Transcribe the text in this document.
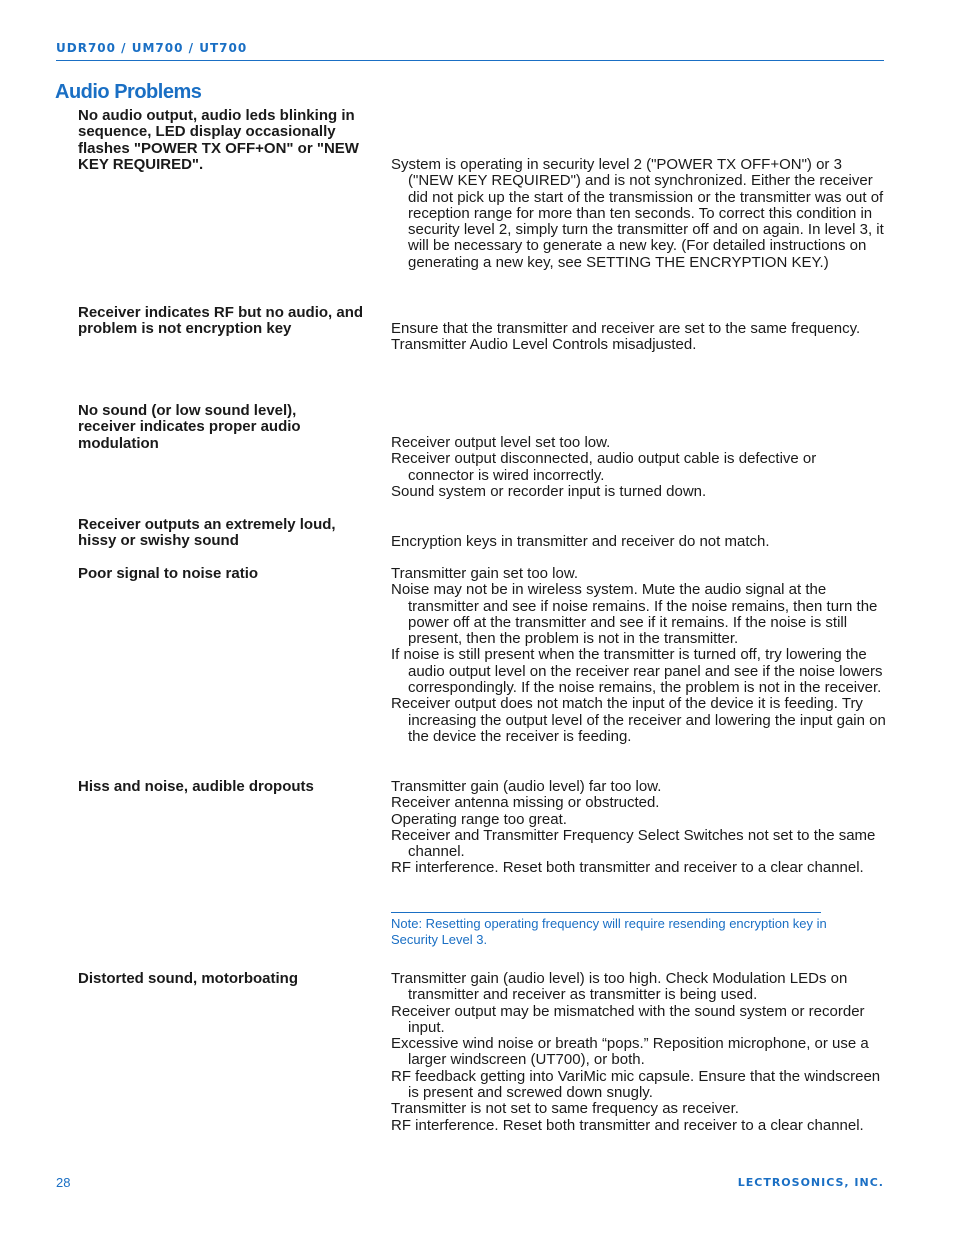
UDR700 / UM700 / UT700
Audio Problems
No audio output, audio leds blinking in sequence, LED display occasionally flashes "POWER TX OFF+ON" or "NEW KEY REQUIRED".	System is operating in security level 2 ("POWER TX OFF+ON") or 3 ("NEW KEY REQUIRED") and is not synchronized. Either the receiver did not pick up the start of the transmission or the transmitter was out of reception range for more than ten seconds. To correct this condition in security level 2, simply turn the transmitter off and on again. In level 3, it will be necessary to generate a new key. (For detailed instructions on generating a new key, see SETTING THE ENCRYPTION KEY.)
Receiver indicates RF but no audio, and problem is not encryption key	Ensure that the transmitter and receiver are set to the same frequency.
Transmitter Audio Level Controls misadjusted.
No sound (or low sound level), receiver indicates proper audio modulation	Receiver output level set too low.
Receiver output disconnected, audio output cable is defective or connector is wired incorrectly.
Sound system or recorder input is turned down.
Receiver outputs an extremely loud, hissy or swishy sound	Encryption keys in transmitter and receiver do not match.
Poor signal to noise ratio	Transmitter gain set too low.
Noise may not be in wireless system. Mute the audio signal at the transmitter and see if noise remains. If the noise remains, then turn the power off at the transmitter and see if it remains. If the noise is still present, then the problem is not in the transmitter.
If noise is still present when the transmitter is turned off, try lowering the audio output level on the receiver rear panel and see if the noise lowers correspondingly. If the noise remains, the problem is not in the receiver.
Receiver output does not match the input of the device it is feeding. Try increasing the output level of the receiver and lowering the input gain on the device the receiver is feeding.
Hiss and noise, audible dropouts	Transmitter gain (audio level) far too low.
Receiver antenna missing or obstructed.
Operating range too great.
Receiver and Transmitter Frequency Select Switches not set to the same channel.
RF interference. Reset both transmitter and receiver to a clear channel.
Note: Resetting operating frequency will require resending encryption key in Security Level 3.
Distorted sound, motorboating	Transmitter gain (audio level) is too high. Check Modulation LEDs on transmitter and receiver as transmitter is being used.
Receiver output may be mismatched with the sound system or recorder input.
Excessive wind noise or breath “pops.” Reposition microphone, or use a larger windscreen (UT700), or both.
RF feedback getting into VariMic mic capsule. Ensure that the windscreen is present and screwed down snugly.
Transmitter is not set to same frequency as receiver.
RF interference. Reset both transmitter and receiver to a clear channel.
28	LECTROSONICS, INC.
